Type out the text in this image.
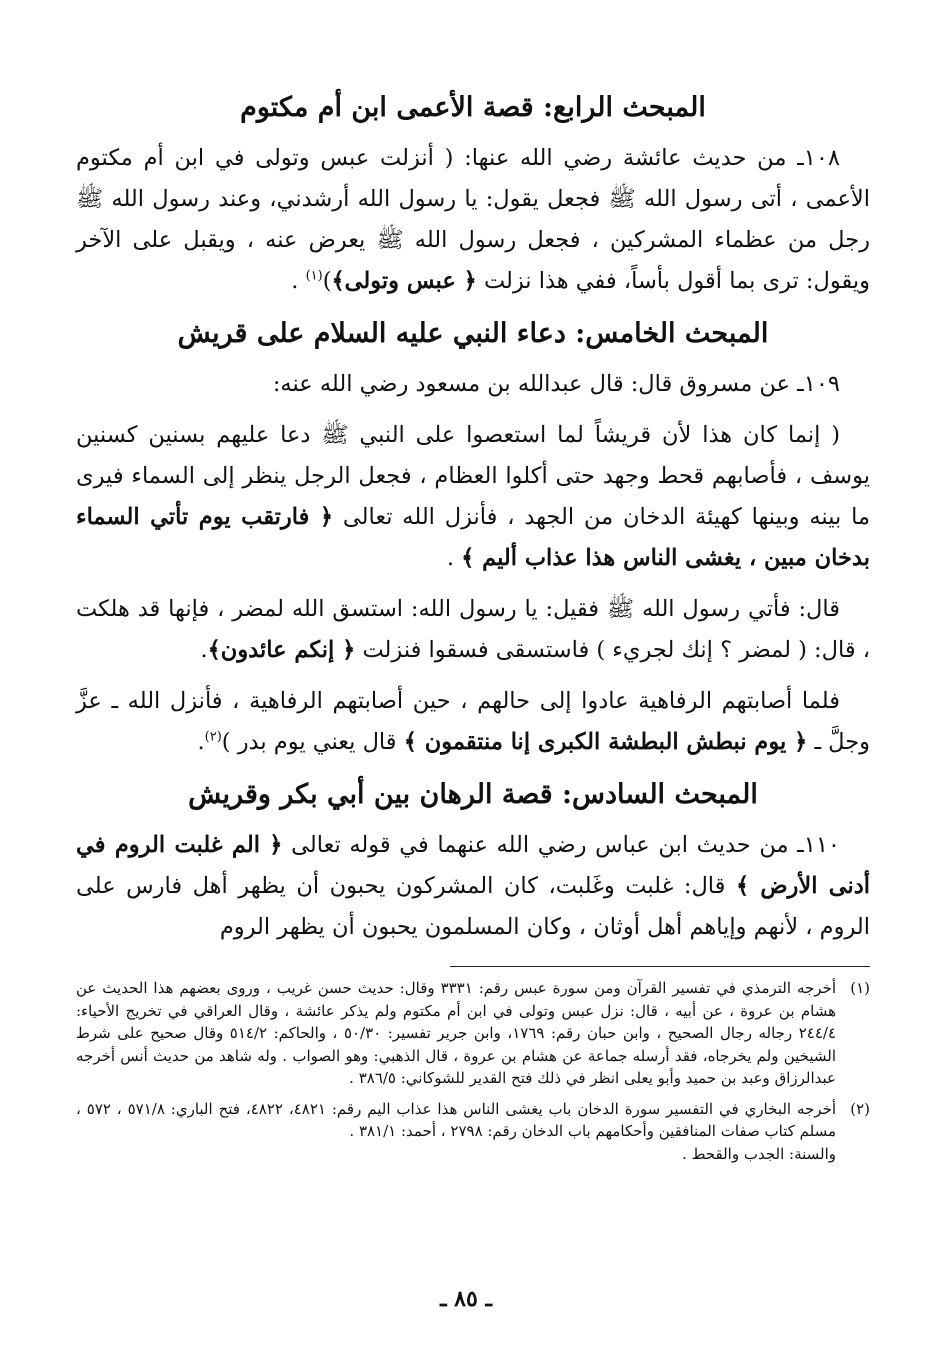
المبحث الرابع: قصة الأعمى ابن أم مكتوم

١٠٨ـ من حديث عائشة رضي الله عنها: ( أنزلت عبس وتولى في ابن أم مكتوم الأعمى ، أتى رسول الله ﷺ فجعل يقول: يا رسول الله أرشدني، وعند رسول الله ﷺ رجل من عظماء المشركين ، فجعل رسول الله ﷺ يعرض عنه ، ويقبل على الآخر ويقول: ترى بما أقول بأساً، ففي هذا نزلت ﴿ عبس وتولى﴾)$^{(١)}$ .

المبحث الخامس: دعاء النبي عليه السلام على قريش

١٠٩ـ عن مسروق قال: قال عبدالله بن مسعود رضي الله عنه:

( إنما كان هذا لأن قريشاً لما استعصوا على النبي ﷺ دعا عليهم بسنين كسنين يوسف ، فأصابهم قحط وجهد حتى أكلوا العظام ، فجعل الرجل ينظر إلى السماء فيرى ما بينه وبينها كهيئة الدخان من الجهد ، فأنزل الله تعالى ﴿ فارتقب يوم تأتي السماء بدخان مبين ، يغشى الناس هذا عذاب أليم ﴾ .

قال: فأتي رسول الله ﷺ فقيل: يا رسول الله: استسق الله لمضر ، فإنها قد هلكت ، قال: ( لمضر ؟ إنك لجريء ) فاستسقى فسقوا فنزلت ﴿ إنكم عائدون﴾.

فلما أصابتهم الرفاهية عادوا إلى حالهم ، حين أصابتهم الرفاهية ، فأنزل الله ـ عزَّ وجلَّ ـ ﴿ يوم نبطش البطشة الكبرى إنا منتقمون ﴾ قال يعني يوم بدر )$^{(٢)}$.

المبحث السادس: قصة الرهان بين أبي بكر وقريش

١١٠ـ من حديث ابن عباس رضي الله عنهما في قوله تعالى ﴿ الم غلبت الروم في أدنى الأرض ﴾ قال: غلبت وغَلبت، كان المشركون يحبون أن يظهر أهل فارس على الروم ، لأنهم وإياهم أهل أوثان ، وكان المسلمون يحبون أن يظهر الروم

(١)
أخرجه الترمذي في تفسير القرآن ومن سورة عبس رقم: ٣٣٣١ وقال: حديث حسن غريب ، وروى بعضهم هذا الحديث عن هشام بن عروة ، عن أبيه ، قال: نزل عبس وتولى في ابن أم مكتوم ولم يذكر عائشة ، وقال العراقي في تخريج الأحياء: ٢٤٤/٤ رجاله رجال الصحيح ، وابن حبان رقم: ١٧٦٩، وابن جرير تفسير: ٥٠/٣٠ ، والحاكم: ٥١٤/٢ وقال صحيح على شرط الشيخين ولم يخرجاه، فقد أرسله جماعة عن هشام بن عروة ، قال الذهبي: وهو الصواب . وله شاهد من حديث أنس أخرجه عبدالرزاق وعبد بن حميد وأبو يعلى انظر في ذلك فتح القدير للشوكاني: ٣٨٦/٥ .

(٢)
أخرجه البخاري في التفسير سورة الدخان باب يغشى الناس هذا عذاب اليم رقم: ٤٨٢١، ٤٨٢٢، فتح الباري: ٥٧١/٨ ، ٥٧٢ ، مسلم كتاب صفات المنافقين وأحكامهم باب الدخان رقم: ٢٧٩٨ ، أحمد: ٣٨١/١ .
والسنة: الجدب والقحط .

ـ ٨٥ ـ
